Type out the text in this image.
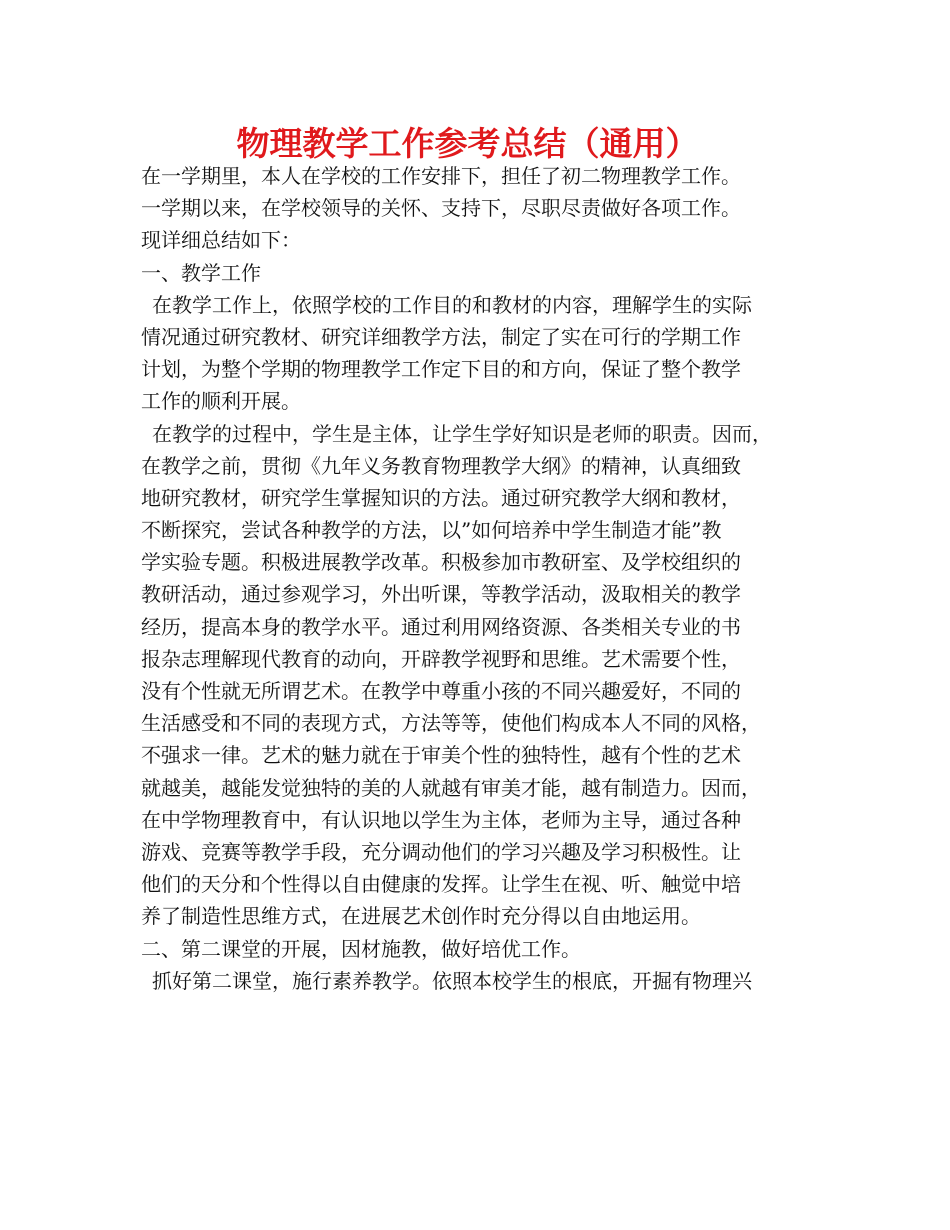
物理教学工作参考总结（通用）
在一学期里，本人在学校的工作安排下，担任了初二物理教学工作。
一学期以来，在学校领导的关怀、支持下，尽职尽责做好各项工作。
现详细总结如下：
一、教学工作
在教学工作上，依照学校的工作目的和教材的内容，理解学生的实际
情况通过研究教材、研究详细教学方法，制定了实在可行的学期工作
计划，为整个学期的物理教学工作定下目的和方向，保证了整个教学
工作的顺利开展。
在教学的过程中，学生是主体，让学生学好知识是老师的职责。因而，
在教学之前，贯彻《九年义务教育物理教学大纲》的精神，认真细致
地研究教材，研究学生掌握知识的方法。通过研究教学大纲和教材，
不断探究，尝试各种教学的方法，以”如何培养中学生制造才能”教
学实验专题。积极进展教学改革。积极参加市教研室、及学校组织的
教研活动，通过参观学习，外出听课，等教学活动，汲取相关的教学
经历，提高本身的教学水平。通过利用网络资源、各类相关专业的书
报杂志理解现代教育的动向，开辟教学视野和思维。艺术需要个性，
没有个性就无所谓艺术。在教学中尊重小孩的不同兴趣爱好，不同的
生活感受和不同的表现方式，方法等等，使他们构成本人不同的风格，
不强求一律。艺术的魅力就在于审美个性的独特性，越有个性的艺术
就越美，越能发觉独特的美的人就越有审美才能，越有制造力。因而，
在中学物理教育中，有认识地以学生为主体，老师为主导，通过各种
游戏、竞赛等教学手段，充分调动他们的学习兴趣及学习积极性。让
他们的天分和个性得以自由健康的发挥。让学生在视、听、触觉中培
养了制造性思维方式，在进展艺术创作时充分得以自由地运用。
二、第二课堂的开展，因材施教，做好培优工作。
抓好第二课堂，施行素养教学。依照本校学生的根底，开掘有物理兴
